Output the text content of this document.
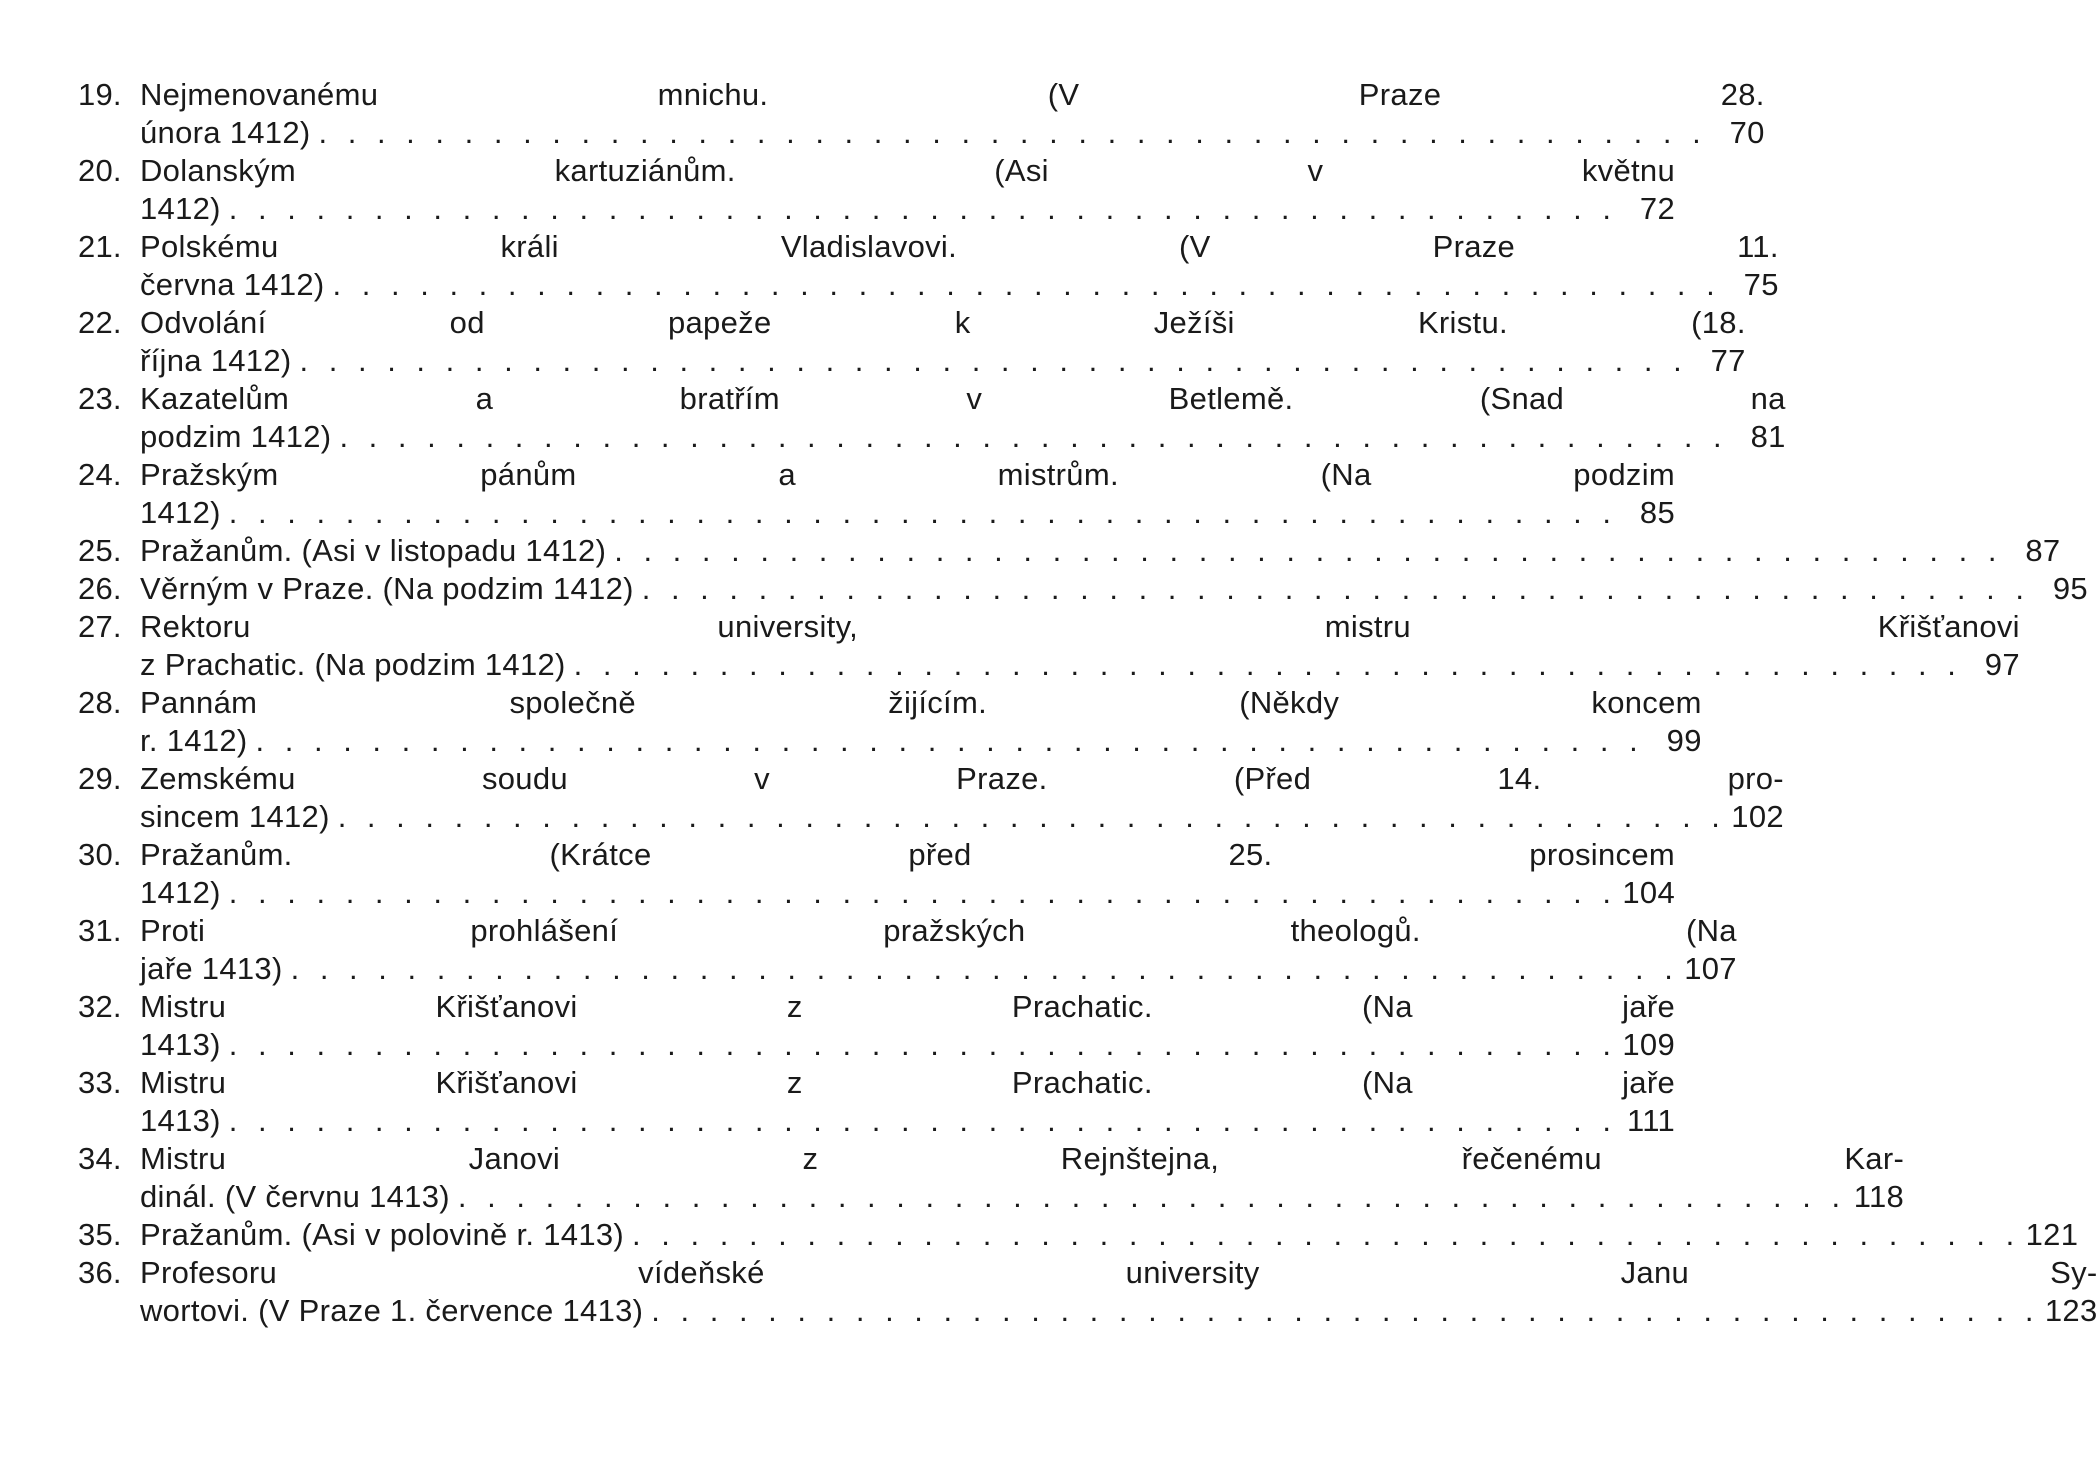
19. Nejmenovanému mnichu. (V Praze 28.
února 1412) . . .	70
20. Dolanským kartuziánům. (Asi v květnu
1412) . . .	72
21. Polskému králi Vladislavovi. (V Praze 11.
června 1412) . . .	75
22. Odvolání od papeže k Ježíši Kristu. (18.
října 1412) . . .	77
23. Kazatelům a bratřím v Betlemě. (Snad na
podzim 1412) . . .	81
24. Pražským pánům a mistrům. (Na podzim
1412) . . .	85
25. Pražanům. (Asi v listopadu 1412) . . .	87
26. Věrným v Praze. (Na podzim 1412) . . .	95
27. Rektoru university, mistru Křišťanovi
z Prachatic. (Na podzim 1412) . . .	97
28. Pannám společně žijícím. (Někdy koncem
r. 1412) . . .	99
29. Zemskému soudu v Praze. (Před 14. pro-
sincem 1412) . . .	102
30. Pražanům. (Krátce před 25. prosincem
1412) . . .	104
31. Proti prohlášení pražských theologů. (Na
jaře 1413) . . .	107
32. Mistru Křišťanovi z Prachatic. (Na jaře
1413) . . .	109
33. Mistru Křišťanovi z Prachatic. (Na jaře
1413) . . .	111
34. Mistru Janovi z Rejnštejna, řečenému Kar-
dinál. (V červnu 1413) . . .	118
35. Pražanům. (Asi v polovině r. 1413) . . .	121
36. Profesoru vídeňské university Janu Sy-
wortovi. (V Praze 1. července 1413) . . .	123
